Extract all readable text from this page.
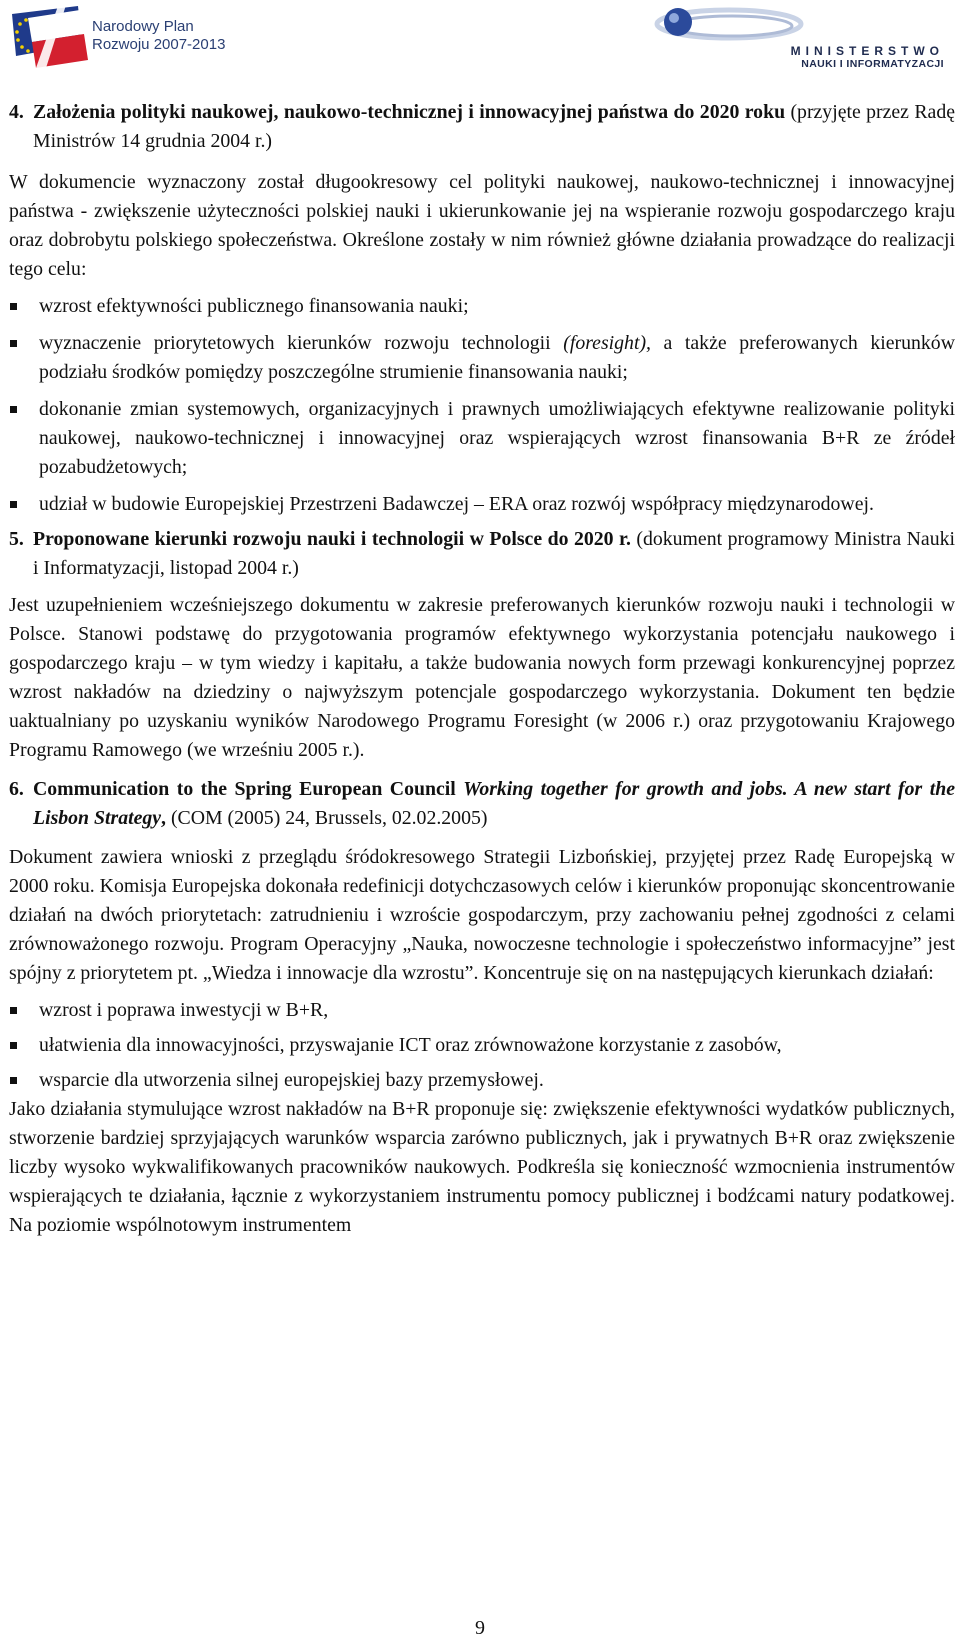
Narodowy Plan
Rozwoju 2007-2013	MINISTERSTWO
NAUKI I INFORMATYZACJI
4. Założenia polityki naukowej, naukowo-technicznej i innowacyjnej państwa do 2020 roku (przyjęte przez Radę Ministrów 14 grudnia 2004 r.)

W dokumencie wyznaczony został długookresowy cel polityki naukowej, naukowo-technicznej i innowacyjnej państwa - zwiększenie użyteczności polskiej nauki i ukierunkowanie jej na wspieranie rozwoju gospodarczego kraju oraz dobrobytu polskiego społeczeństwa. Określone zostały w nim również główne działania prowadzące do realizacji tego celu:

wzrost efektywności publicznego finansowania nauki;
wyznaczenie priorytetowych kierunków rozwoju technologii (foresight), a także preferowanych kierunków podziału środków pomiędzy poszczególne strumienie finansowania nauki;
dokonanie zmian systemowych, organizacyjnych i prawnych umożliwiających efektywne realizowanie polityki naukowej, naukowo-technicznej i innowacyjnej oraz wspierających wzrost finansowania B+R ze źródeł pozabudżetowych;
udział w budowie Europejskiej Przestrzeni Badawczej – ERA oraz rozwój współpracy międzynarodowej.
5. Proponowane kierunki rozwoju nauki i technologii w Polsce do 2020 r. (dokument programowy Ministra Nauki i Informatyzacji, listopad 2004 r.)

Jest uzupełnieniem wcześniejszego dokumentu w zakresie preferowanych kierunków rozwoju nauki i technologii w Polsce. Stanowi podstawę do przygotowania programów efektywnego wykorzystania potencjału naukowego i gospodarczego kraju – w tym wiedzy i kapitału, a także budowania nowych form przewagi konkurencyjnej poprzez wzrost nakładów na dziedziny o najwyższym potencjale gospodarczego wykorzystania. Dokument ten będzie uaktualniany po uzyskaniu wyników Narodowego Programu Foresight (w 2006 r.) oraz przygotowaniu Krajowego Programu Ramowego (we wrześniu 2005 r.).

6. Communication to the Spring European Council Working together for growth and jobs. A new start for the Lisbon Strategy, (COM (2005) 24, Brussels, 02.02.2005)

Dokument zawiera wnioski z przeglądu śródokresowego Strategii Lizbońskiej, przyjętej przez Radę Europejską w 2000 roku. Komisja Europejska dokonała redefinicji dotychczasowych celów i kierunków proponując skoncentrowanie działań na dwóch priorytetach: zatrudnieniu i wzroście gospodarczym, przy zachowaniu pełnej zgodności z celami zrównoważonego rozwoju. Program Operacyjny „Nauka, nowoczesne technologie i społeczeństwo informacyjne” jest spójny z priorytetem pt. „Wiedza i innowacje dla wzrostu”. Koncentruje się on na następujących kierunkach działań:

wzrost i poprawa inwestycji w B+R,
ułatwienia dla innowacyjności, przyswajanie ICT oraz zrównoważone korzystanie z zasobów,
wsparcie dla utworzenia silnej europejskiej bazy przemysłowej.

Jako działania stymulujące wzrost nakładów na B+R proponuje się: zwiększenie efektywności wydatków publicznych, stworzenie bardziej sprzyjających warunków wsparcia zarówno publicznych, jak i prywatnych B+R oraz zwiększenie liczby wysoko wykwalifikowanych pracowników naukowych. Podkreśla się konieczność wzmocnienia instrumentów wspierających te działania, łącznie z wykorzystaniem instrumentu pomocy publicznej i bodźcami natury podatkowej. Na poziomie wspólnotowym instrumentem

9
